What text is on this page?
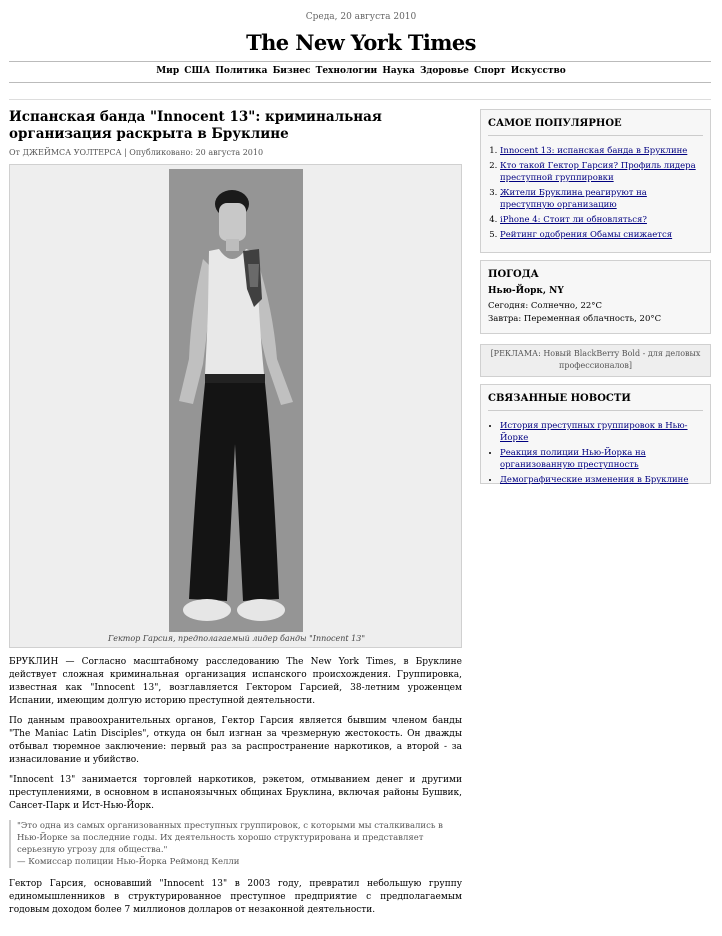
Среда, 20 августа 2010
The New York Times
Мир США Политика Бизнес Технологии Наука Здоровье Спорт Искусство
Испанская банда "Innocent 13": криминальная организация раскрыта в Бруклине
От ДЖЕЙМСА УОЛТЕРСА | Опубликовано: 20 августа 2010
Гектор Гарсия, предполагаемый лидер банды "Innocent 13"

БРУКЛИН — Согласно масштабному расследованию The New York Times, в Бруклине действует сложная криминальная организация испанского происхождения. Группировка, известная как "Innocent 13", возглавляется Гектором Гарсией, 38-летним уроженцем Испании, имеющим долгую историю преступной деятельности.

По данным правоохранительных органов, Гектор Гарсия является бывшим членом банды "The Maniac Latin Disciples", откуда он был изгнан за чрезмерную жестокость. Он дважды отбывал тюремное заключение: первый раз за распространение наркотиков, а второй - за изнасилование и убийство.

"Innocent 13" занимается торговлей наркотиков, рэкетом, отмыванием денег и другими преступлениями, в основном в испаноязычных общинах Бруклина, включая районы Бушвик, Сансет-Парк и Ист-Нью-Йорк.

"Это одна из самых организованных преступных группировок, с которыми мы сталкивались в Нью-Йорке за последние годы. Их деятельность хорошо структурирована и представляет серьезную угрозу для общества."
— Комиссар полиции Нью-Йорка Реймонд Келли

Гектор Гарсия, основавший "Innocent 13" в 2003 году, превратил небольшую группу единомышленников в структурированное преступное предприятие с предполагаемым годовым доходом более 7 миллионов долларов от незаконной деятельности.

САМОЕ ПОПУЛЯРНОЕ
1. Innocent 13: испанская банда в Бруклине
2. Кто такой Гектор Гарсия? Профиль лидера преступной группировки
3. Жители Бруклина реагируют на преступную организацию
4. iPhone 4: Стоит ли обновляться?
5. Рейтинг одобрения Обамы снижается
ПОГОДА
Нью-Йорк, NY
Сегодня: Солнечно, 22°C
Завтра: Переменная облачность, 20°C
[РЕКЛАМА: Новый BlackBerry Bold - для деловых профессионалов]
СВЯЗАННЫЕ НОВОСТИ
• История преступных группировок в Нью-Йорке
• Реакция полиции Нью-Йорка на организованную преступность
• Демографические изменения в Бруклине
